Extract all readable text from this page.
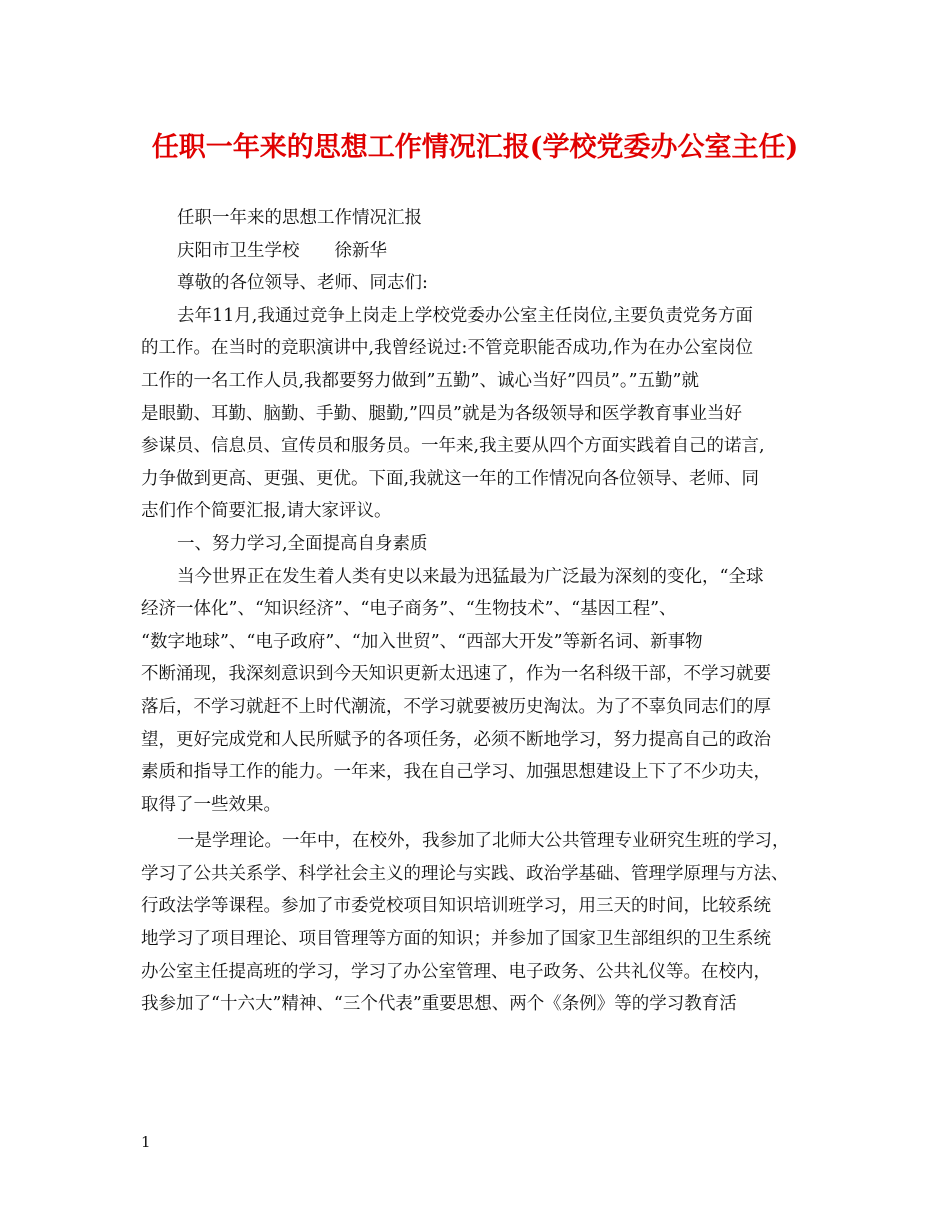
任职一年来的思想工作情况汇报(学校党委办公室主任)
任职一年来的思想工作情况汇报
庆阳市卫生学校　　徐新华
尊敬的各位领导、老师、同志们:
去年11月,我通过竞争上岗走上学校党委办公室主任岗位,主要负责党务方面
的工作。在当时的竞职演讲中,我曾经说过:不管竞职能否成功,作为在办公室岗位
工作的一名工作人员,我都要努力做到”五勤”、诚心当好”四员”。”五勤”就
是眼勤、耳勤、脑勤、手勤、腿勤,”四员”就是为各级领导和医学教育事业当好
参谋员、信息员、宣传员和服务员。一年来,我主要从四个方面实践着自己的诺言,
力争做到更高、更强、更优。下面,我就这一年的工作情况向各位领导、老师、同
志们作个简要汇报,请大家评议。
一、努力学习,全面提高自身素质
当今世界正在发生着人类有史以来最为迅猛最为广泛最为深刻的变化，“全球
经济一体化”、“知识经济”、“电子商务”、“生物技术”、“基因工程”、
“数字地球”、“电子政府”、“加入世贸”、“西部大开发”等新名词、新事物
不断涌现，我深刻意识到今天知识更新太迅速了，作为一名科级干部，不学习就要
落后，不学习就赶不上时代潮流，不学习就要被历史淘汰。为了不辜负同志们的厚
望，更好完成党和人民所赋予的各项任务，必须不断地学习，努力提高自己的政治
素质和指导工作的能力。一年来，我在自己学习、加强思想建设上下了不少功夫，
取得了一些效果。
一是学理论。一年中，在校外，我参加了北师大公共管理专业研究生班的学习，
学习了公共关系学、科学社会主义的理论与实践、政治学基础、管理学原理与方法、
行政法学等课程。参加了市委党校项目知识培训班学习，用三天的时间，比较系统
地学习了项目理论、项目管理等方面的知识；并参加了国家卫生部组织的卫生系统
办公室主任提高班的学习，学习了办公室管理、电子政务、公共礼仪等。在校内，
我参加了“十六大”精神、“三个代表”重要思想、两个《条例》等的学习教育活
1
